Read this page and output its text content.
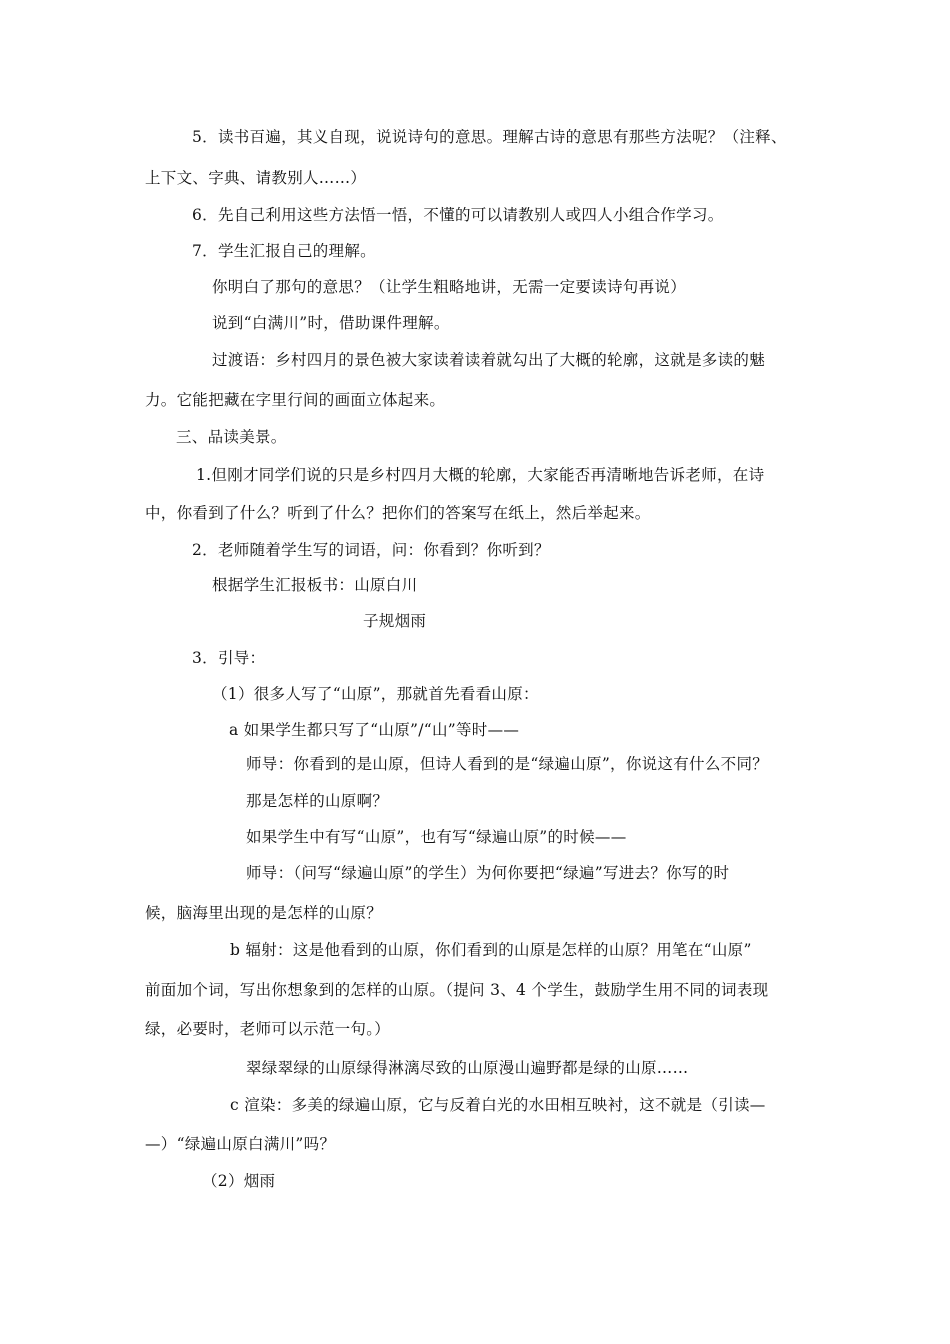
5．读书百遍，其义自现，说说诗句的意思。理解古诗的意思有那些方法呢？（注释、
上下文、字典、请教别人……）
6．先自己利用这些方法悟一悟，不懂的可以请教别人或四人小组合作学习。
7．学生汇报自己的理解。
你明白了那句的意思？（让学生粗略地讲，无需一定要读诗句再说）
说到“白满川”时，借助课件理解。
过渡语：乡村四月的景色被大家读着读着就勾出了大概的轮廓，这就是多读的魅
力。它能把藏在字里行间的画面立体起来。
三、品读美景。
1.但刚才同学们说的只是乡村四月大概的轮廓，大家能否再清晰地告诉老师，在诗
中，你看到了什么？听到了什么？把你们的答案写在纸上，然后举起来。
2．老师随着学生写的词语，问：你看到？你听到？
根据学生汇报板书：山原白川
子规烟雨
3．引导：
（1）很多人写了“山原”，那就首先看看山原：
a 如果学生都只写了“山原”/“山”等时——
师导：你看到的是山原，但诗人看到的是“绿遍山原”，你说这有什么不同？
那是怎样的山原啊？
如果学生中有写“山原”，也有写“绿遍山原”的时候——
师导：（问写“绿遍山原”的学生）为何你要把“绿遍”写进去？你写的时
候，脑海里出现的是怎样的山原？
b 辐射：这是他看到的山原，你们看到的山原是怎样的山原？用笔在“山原”
前面加个词，写出你想象到的怎样的山原。（提问 3、4 个学生，鼓励学生用不同的词表现
绿，必要时，老师可以示范一句。）
翠绿翠绿的山原绿得淋漓尽致的山原漫山遍野都是绿的山原……
c 渲染：多美的绿遍山原，它与反着白光的水田相互映衬，这不就是（引读—
—）“绿遍山原白满川”吗？
（2）烟雨
